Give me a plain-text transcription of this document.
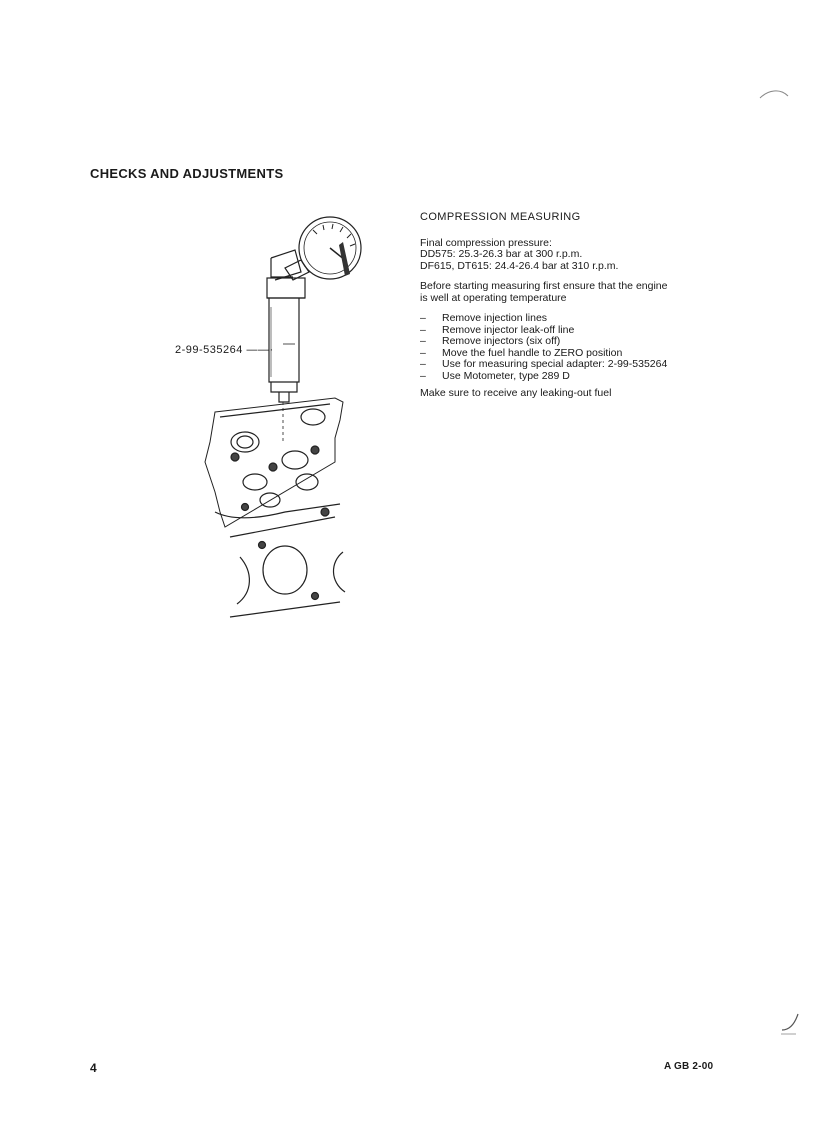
CHECKS AND ADJUSTMENTS
2-99-535264 ——·
COMPRESSION MEASURING

Final compression pressure:

DD575: 25.3-26.3 bar at 300 r.p.m.

DF615, DT615: 24.4-26.4 bar at 310 r.p.m.

Before starting measuring first ensure that the engine

is well at operating temperature

–	Remove injection lines
–	Remove injector leak-off line
–	Remove injectors (six off)
–	Move the fuel handle to ZERO position
–	Use for measuring special adapter: 2-99-535264
–	Use Motometer, type 289 D

Make sure to receive any leaking-out fuel

4	A GB 2-00
